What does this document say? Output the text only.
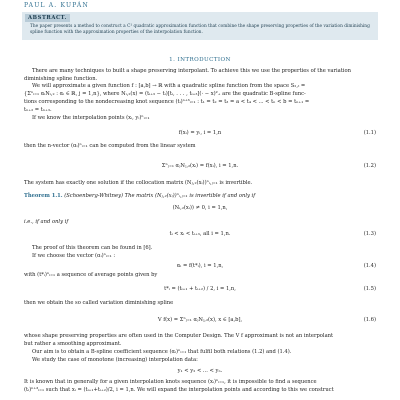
PAUL A. KUPÁN
ABSTRACT.
The paper presents a method to construct a C¹ quadratic approximation function that combine the shape preserving properties of the variation diminishing spline function with the approximation properties of the interpolation function.
1. INTRODUCTION
There are many techniques to built a shape preserving interpolant. To achieve this we use the properties of the variation diminishing spline function.
We will approximate a given function f : [a,b] → ℝ with a quadratic spline function from the space S₂,ₜ =
{Σⁿᵢ₌₁ αᵢNᵢ,₂ : αᵢ ∈ ℝ, j = 1,n}, where Nᵢ,₂(x) = (tᵢ₊₃ − tᵢ)[tᵢ, . . . , tᵢ₊₃](· − x)²₊ are the quadratic B-spline func-
tions corresponding to the nondecreasing knot sequence (tᵢ)ⁿ⁺³ᵢ₌₁ : t₁ = t₂ = t₃ = a < t₄ < ... < tₙ < b = tₙ₊₁ =
tₙ₊₂ = tₙ₊₃.
If we know the interpolation points (xᵢ, yᵢ)ⁿᵢ₌₁
f(xᵢ) = yᵢ, i = 1,n	(1.1)
then the n-vector (αᵢ)ⁿᵢ₌₁ can be computed from the linear system
Σⁿⱼ₌₁ αⱼNⱼ,₂(xᵢ) = f(xᵢ), i = 1,n.	(1.2)
The system has exactly one solution if the collocation matrix (Nⱼ,₂(xᵢ))ⁿᵢ,ⱼ₌₁ is invertible.
Theorem 1.1. (Schoenberg-Whitney) The matrix (Nⱼ,₂(xᵢ))ⁿᵢ,ⱼ₌₁ is invertible if and only if
(Nᵢ,₂(xᵢ)) ≠ 0, i = 1,n,
i.e., if and only if
tᵢ < xᵢ < tᵢ₊₃, all i = 1,n.	(1.3)
The proof of this theorem can be found in [6].
If we choose the vector (αᵢ)ⁿᵢ₌₁ :
αᵢ = f(t*ᵢ), i = 1,n,	(1.4)
with (t*ᵢ)ⁿᵢ₌₁ a sequence of average points given by
t*ᵢ = (tᵢ₊₁ + tᵢ₊₂) / 2, i = 1,n,	(1.5)
then we obtain the so called variation diminishing spline
V f(x) = Σⁿⱼ₌₁ αⱼNⱼ,₂(x), x ∈ [a,b],	(1.6)
whose shape preserving properties are often used in the Computer Design. The V f approximant is not an interpolant
but rather a smoothing approximant.
Our aim is to obtain a B-spline coefficient sequence (αᵢ)ⁿᵢ₌₁ that fulfil both relations (1.2) and (1.4).
We study the case of monotone (increasing) interpolation data:
y₁ < y₂ < ... < yₙ.
It is known that in generally for a given interpolation knots sequence (xᵢ)ⁿᵢ₌₁, it is impossible to find a sequence
(tᵢ)ⁿ⁺³ᵢ₌₁ such that xᵢ = (tᵢ₊₁+tᵢ₊₂)/2, i = 1,n. We will expand the interpolation points and according to this we construct
